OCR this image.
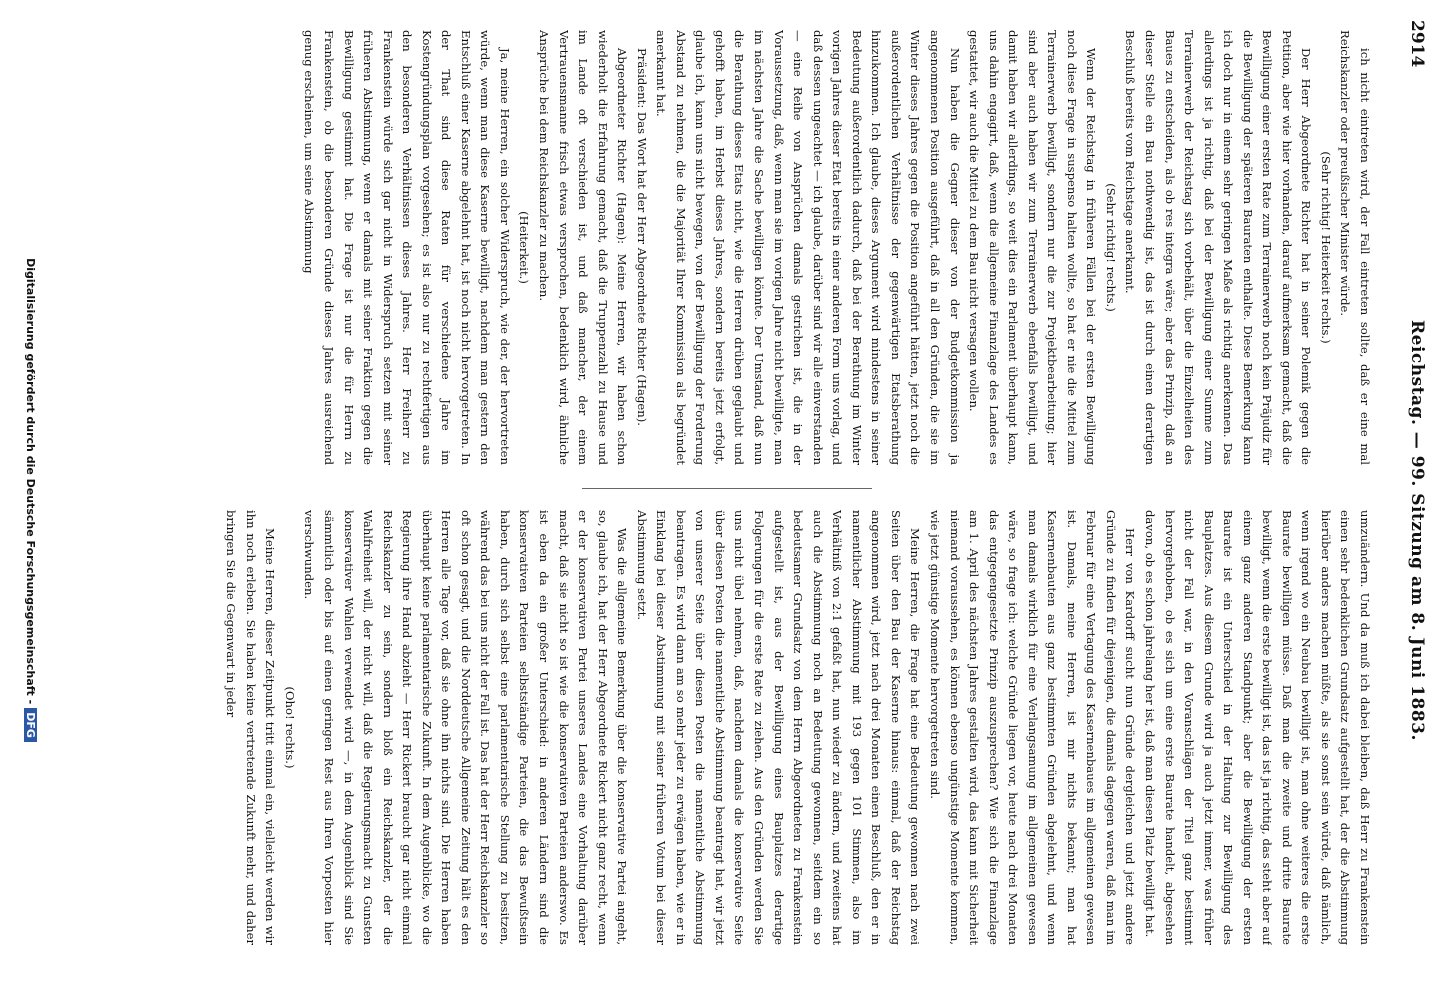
2914
Reichstag. — 99. Sitzung am 8. Juni 1883.

ich nicht eintreten wird, der Fall eintreten sollte, daß er eine mal Reichskanzler oder preußischer Minister würde.

(Sehr richtig! Heiterkeit rechts.)

Der Herr Abgeordnete Richter hat in seiner Polemik gegen die Petition, aber wie hier vorhanden, darauf aufmerksam gemacht, daß die Bewilligung einer ersten Rate zum Terrainerwerb noch kein Präjudiz für die Bewilligung der späteren Bauraten enthalte. Diese Bemerkung kann ich doch nur in einem sehr geringen Maße als richtig anerkennen. Das allerdings ist ja richtig, daß bei der Bewilligung einer Summe zum Terrainerwerb der Reichstag sich vorbehält, über die Einzelheiten des Baues zu entscheiden, als ob res integra wäre; aber das Prinzip, daß an dieser Stelle ein Bau nothwendig ist, das ist durch einen derartigen Beschluß bereits vom Reichstage anerkannt.

(Sehr richtig! rechts.)

Wenn der Reichstag in früheren Fällen bei der ersten Bewilligung noch diese Frage in suspenso halten wollte, so hat er nie die Mittel zum Terrainerwerb bewilligt, sondern nur die zur Projektbearbeitung; hier sind aber auch haben wir zum Terrainerwerb ebenfalls bewilligt, und damit haben wir allerdings, so weit dies ein Parlament überhaupt kann, uns dahin engagirt, daß, wenn die allgemeine Finanzlage des Landes es gestattet, wir auch die Mittel zu dem Bau nicht versagen wollen.

Nun haben die Gegner dieser von der Budgetkommission ja angenommenen Position ausgeführt, daß in all den Gründen, die sie im Winter dieses Jahres gegen die Position angeführt hätten, jetzt noch die außerordentlichen Verhältnisse der gegenwärtigen Etatsberathung hinzukommen. Ich glaube, dieses Argument wird mindestens in seiner Bedeutung außerordentlich dadurch, daß bei der Berathung im Winter vorigen Jahres dieser Etat bereits in einer anderen Form uns vorlag, und daß dessen ungeachtet — ich glaube, darüber sind wir alle einverstanden — eine Reihe von Ansprüchen damals gestrichen ist, die in der Voraussetzung, daß, wenn man sie im vorigen Jahre nicht bewilligte, man im nächsten Jahre die Sache bewilligen könnte. Der Umstand, daß nun die Berathung dieses Etats nicht, wie die Herren drüben geglaubt und gehofft haben, im Herbst dieses Jahres, sondern bereits jetzt erfolgt, glaube ich, kann uns nicht bewegen, von der Bewilligung der Forderung Abstand zu nehmen, die die Majorität Ihrer Kommission als begründet anerkannt hat.

Präsident: Das Wort hat der Herr Abgeordnete Richter (Hagen).

Abgeordneter Richter (Hagen): Meine Herren, wir haben schon wiederholt die Erfahrung gemacht, daß die Truppenzahl zu Hause und im Lande oft verschieden ist, und daß mancher, der einem Vertrauensmanne frisch etwas versprochen, bedenklich wird, ähnliche Ansprüche bei dem Reichskanzler zu machen.

(Heiterkeit.)

Ja, meine Herren, ein solcher Widerspruch, wie der, der hervortreten würde, wenn man diese Kaserne bewilligt, nachdem man gestern den Entschluß einer Kaserne abgelehnt hat, ist noch nicht hervorgetreten. In der That sind diese Raten für verschiedene Jahre im Kostengründungsplan vorgesehen; es ist also nur zu rechtfertigen aus den besonderen Verhältnissen dieses Jahres. Herr Freiherr zu Frankenstein würde sich gar nicht in Widerspruch setzen mit seiner früheren Abstimmung, wenn er damals mit seiner Fraktion gegen die Bewilligung gestimmt hat. Die Frage ist nur die für Herrn zu Frankenstein, ob die besonderen Gründe dieses Jahres ausreichend genug erscheinen, um seine Abstimmung

umzuändern. Und da muß ich dabei bleiben, daß Herr zu Frankenstein einen sehr bedenklichen Grundsatz aufgestellt hat, der die Abstimmung hierüber anders machen müßte, als sie sonst sein würde, daß nämlich, wenn irgend wo ein Neubau bewilligt ist, man ohne weiteres die erste Baurate bewilligen müsse. Daß man die zweite und dritte Baurate bewilligt, wenn die erste bewilligt ist, das ist ja richtig, das steht aber auf einem ganz anderen Standpunkt; aber die Bewilligung der ersten Baurate ist ein Unterschied in der Haltung zur Bewilligung des Bauplatzes. Aus diesem Grunde wird ja auch jetzt immer, was früher nicht der Fall war, in den Voranschlägen der Titel ganz bestimmt hervorgehoben, ob es sich um eine erste Baurate handelt, abgesehen davon, ob es schon jahrelang her ist, daß man diesen Platz bewilligt hat.

Herr von Kardorff sucht nun Gründe dergleichen und jetzt andere Gründe zu finden für diejenigen, die damals dagegen waren, daß man im Februar für eine Vertagung des Kasernenbaues im allgemeinen gewesen ist. Damals, meine Herren, ist mir nichts bekannt; man hat Kasernenbauten aus ganz bestimmten Gründen abgelehnt, und wenn man damals wirklich für eine Verlangsamung im allgemeinen gewesen wäre, so frage ich: welche Gründe liegen vor, heute nach drei Monaten das entgegengesetzte Prinzip auszusprechen? Wie sich die Finanzlage am 1. April des nächsten Jahres gestalten wird, das kann mit Sicherheit niemand voraussehen, es können ebenso ungünstige Momente kommen, wie jetzt günstige Momente hervorgetreten sind.

Meine Herren, die Frage hat eine Bedeutung gewonnen nach zwei Seiten über den Bau der Kaserne hinaus: einmal, daß der Reichstag angenommen wird, jetzt nach drei Monaten einen Beschluß, den er in namentlicher Abstimmung mit 193 gegen 101 Stimmen, also im Verhältniß von 2:1 gefaßt hat, nun wieder zu ändern, und zweitens hat auch die Abstimmung noch an Bedeutung gewonnen, seitdem ein so bedeutsamer Grundsatz von dem Herrn Abgeordneten zu Frankenstein aufgestellt ist, aus der Bewilligung eines Bauplatzes derartige Folgerungen für die erste Rate zu ziehen. Aus den Gründen werden Sie uns nicht übel nehmen, daß, nachdem damals die konservative Seite über diesen Posten die namentliche Abstimmung beantragt hat, wir jetzt von unserer Seite über diesen Posten die namentliche Abstimmung beantragen. Es wird dann am so mehr jeder zu erwägen haben, wie er in Einklang bei dieser Abstimmung mit seiner früheren Votum bei dieser Abstimmung setzt.

Was die allgemeine Bemerkung über die konservative Partei angeht, so, glaube ich, hat der Herr Abgeordnete Rickert nicht ganz recht, wenn er der konservativen Partei unseres Landes eine Vorhaltung darüber macht, daß sie nicht so ist wie die konservativen Parteien anderswo. Es ist eben da ein großer Unterschied: in anderen Ländern sind die konservativen Parteien selbstständige Parteien, die das Bewußtsein haben, durch sich selbst eine parlamentarische Stellung zu besitzen, während das bei uns nicht der Fall ist. Das hat der Herr Reichskanzler so oft schon gesagt, und die Norddeutsche Allgemeine Zeitung hält es den Herren alle Tage vor, daß sie ohne ihn nichts sind. Die Herren haben überhaupt keine parlamentarische Zukunft. In dem Augenblicke, wo die Regierung ihre Hand abzieht — Herr Rickert braucht gar nicht einmal Reichskanzler zu sein, sondern bloß ein Reichskanzler, der die Wahlfreiheit will, der nicht will, daß die Regierungsmacht zu Gunsten konservativer Wahlen verwendet wird —, in dem Augenblick sind Sie sämmtlich oder bis auf einen geringen Rest aus Ihren Vorposten hier verschwunden.

(Oho! rechts.)

Meine Herren, dieser Zeitpunkt tritt einmal ein, vielleicht werden wir ihn noch erleben. Sie haben keine vertretende Zukunft mehr, und daher bringen Sie die Gegenwart in jeder

Digitalisierung gefördert durch die Deutsche Forschungsgemeinschaft -DFG
